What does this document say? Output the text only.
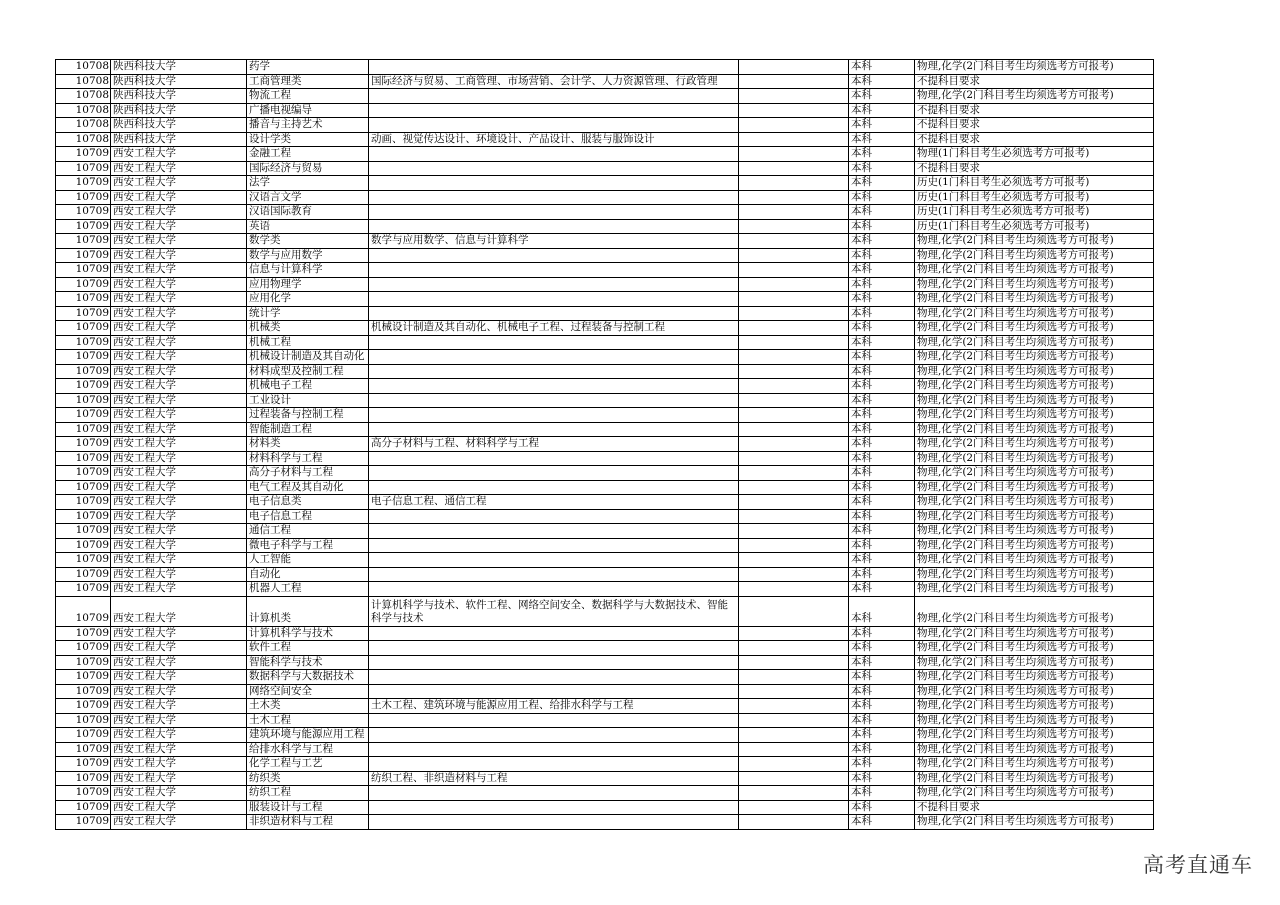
10708	陕西科技大学	药学			本科	物理,化学(2门科目考生均须选考方可报考)
10708	陕西科技大学	工商管理类	国际经济与贸易、工商管理、市场营销、会计学、人力资源管理、行政管理		本科	不提科目要求
10708	陕西科技大学	物流工程			本科	物理,化学(2门科目考生均须选考方可报考)
10708	陕西科技大学	广播电视编导			本科	不提科目要求
10708	陕西科技大学	播音与主持艺术			本科	不提科目要求
10708	陕西科技大学	设计学类	动画、视觉传达设计、环境设计、产品设计、服装与服饰设计		本科	不提科目要求
10709	西安工程大学	金融工程			本科	物理(1门科目考生必须选考方可报考)
10709	西安工程大学	国际经济与贸易			本科	不提科目要求
10709	西安工程大学	法学			本科	历史(1门科目考生必须选考方可报考)
10709	西安工程大学	汉语言文学			本科	历史(1门科目考生必须选考方可报考)
10709	西安工程大学	汉语国际教育			本科	历史(1门科目考生必须选考方可报考)
10709	西安工程大学	英语			本科	历史(1门科目考生必须选考方可报考)
10709	西安工程大学	数学类	数学与应用数学、信息与计算科学		本科	物理,化学(2门科目考生均须选考方可报考)
10709	西安工程大学	数学与应用数学			本科	物理,化学(2门科目考生均须选考方可报考)
10709	西安工程大学	信息与计算科学			本科	物理,化学(2门科目考生均须选考方可报考)
10709	西安工程大学	应用物理学			本科	物理,化学(2门科目考生均须选考方可报考)
10709	西安工程大学	应用化学			本科	物理,化学(2门科目考生均须选考方可报考)
10709	西安工程大学	统计学			本科	物理,化学(2门科目考生均须选考方可报考)
10709	西安工程大学	机械类	机械设计制造及其自动化、机械电子工程、过程装备与控制工程		本科	物理,化学(2门科目考生均须选考方可报考)
10709	西安工程大学	机械工程			本科	物理,化学(2门科目考生均须选考方可报考)
10709	西安工程大学	机械设计制造及其自动化			本科	物理,化学(2门科目考生均须选考方可报考)
10709	西安工程大学	材料成型及控制工程			本科	物理,化学(2门科目考生均须选考方可报考)
10709	西安工程大学	机械电子工程			本科	物理,化学(2门科目考生均须选考方可报考)
10709	西安工程大学	工业设计			本科	物理,化学(2门科目考生均须选考方可报考)
10709	西安工程大学	过程装备与控制工程			本科	物理,化学(2门科目考生均须选考方可报考)
10709	西安工程大学	智能制造工程			本科	物理,化学(2门科目考生均须选考方可报考)
10709	西安工程大学	材料类	高分子材料与工程、材料科学与工程		本科	物理,化学(2门科目考生均须选考方可报考)
10709	西安工程大学	材料科学与工程			本科	物理,化学(2门科目考生均须选考方可报考)
10709	西安工程大学	高分子材料与工程			本科	物理,化学(2门科目考生均须选考方可报考)
10709	西安工程大学	电气工程及其自动化			本科	物理,化学(2门科目考生均须选考方可报考)
10709	西安工程大学	电子信息类	电子信息工程、通信工程		本科	物理,化学(2门科目考生均须选考方可报考)
10709	西安工程大学	电子信息工程			本科	物理,化学(2门科目考生均须选考方可报考)
10709	西安工程大学	通信工程			本科	物理,化学(2门科目考生均须选考方可报考)
10709	西安工程大学	微电子科学与工程			本科	物理,化学(2门科目考生均须选考方可报考)
10709	西安工程大学	人工智能			本科	物理,化学(2门科目考生均须选考方可报考)
10709	西安工程大学	自动化			本科	物理,化学(2门科目考生均须选考方可报考)
10709	西安工程大学	机器人工程			本科	物理,化学(2门科目考生均须选考方可报考)
10709	西安工程大学	计算机类	计算机科学与技术、软件工程、网络空间安全、数据科学与大数据技术、智能科学与技术		本科	物理,化学(2门科目考生均须选考方可报考)
10709	西安工程大学	计算机科学与技术			本科	物理,化学(2门科目考生均须选考方可报考)
10709	西安工程大学	软件工程			本科	物理,化学(2门科目考生均须选考方可报考)
10709	西安工程大学	智能科学与技术			本科	物理,化学(2门科目考生均须选考方可报考)
10709	西安工程大学	数据科学与大数据技术			本科	物理,化学(2门科目考生均须选考方可报考)
10709	西安工程大学	网络空间安全			本科	物理,化学(2门科目考生均须选考方可报考)
10709	西安工程大学	土木类	土木工程、建筑环境与能源应用工程、给排水科学与工程		本科	物理,化学(2门科目考生均须选考方可报考)
10709	西安工程大学	土木工程			本科	物理,化学(2门科目考生均须选考方可报考)
10709	西安工程大学	建筑环境与能源应用工程			本科	物理,化学(2门科目考生均须选考方可报考)
10709	西安工程大学	给排水科学与工程			本科	物理,化学(2门科目考生均须选考方可报考)
10709	西安工程大学	化学工程与工艺			本科	物理,化学(2门科目考生均须选考方可报考)
10709	西安工程大学	纺织类	纺织工程、非织造材料与工程		本科	物理,化学(2门科目考生均须选考方可报考)
10709	西安工程大学	纺织工程			本科	物理,化学(2门科目考生均须选考方可报考)
10709	西安工程大学	服装设计与工程			本科	不提科目要求
10709	西安工程大学	非织造材料与工程			本科	物理,化学(2门科目考生均须选考方可报考)
高考直通车
